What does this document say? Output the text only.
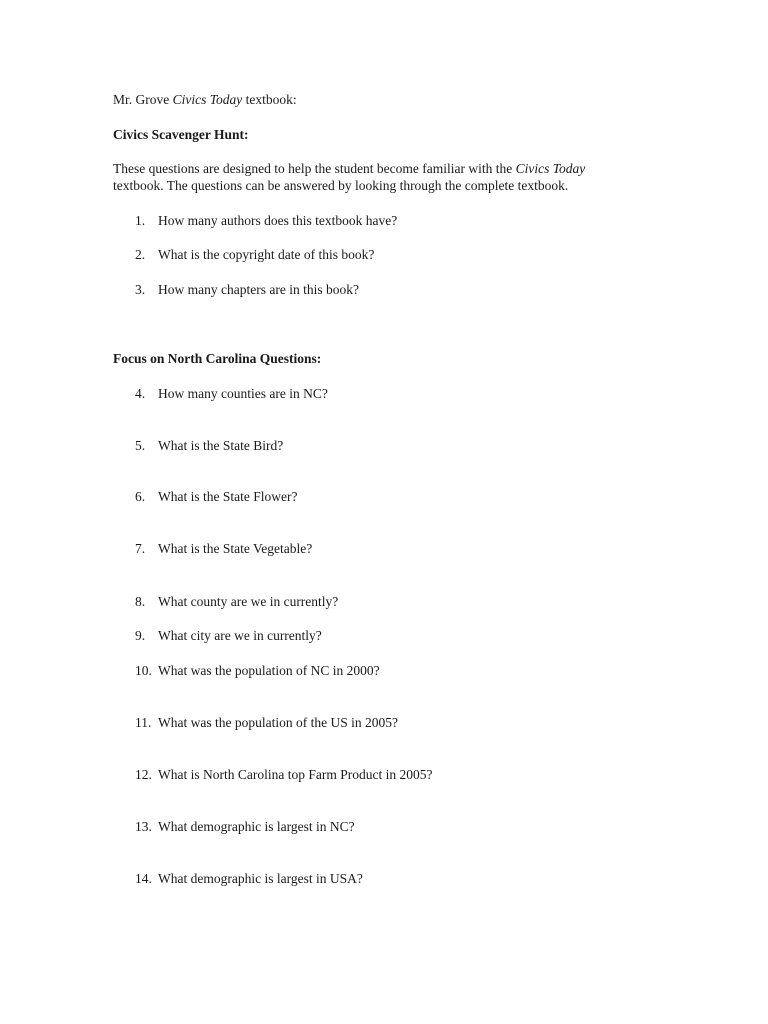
Mr. Grove Civics Today textbook:
Civics Scavenger Hunt:
These questions are designed to help the student become familiar with the Civics Today
textbook. The questions can be answered by looking through the complete textbook.
1. How many authors does this textbook have?
2. What is the copyright date of this book?
3. How many chapters are in this book?
Focus on North Carolina Questions:
4. How many counties are in NC?
5. What is the State Bird?
6. What is the State Flower?
7. What is the State Vegetable?
8. What county are we in currently?
9. What city are we in currently?
10. What was the population of NC in 2000?
11. What was the population of the US in 2005?
12. What is North Carolina top Farm Product in 2005?
13. What demographic is largest in NC?
14. What demographic is largest in USA?
